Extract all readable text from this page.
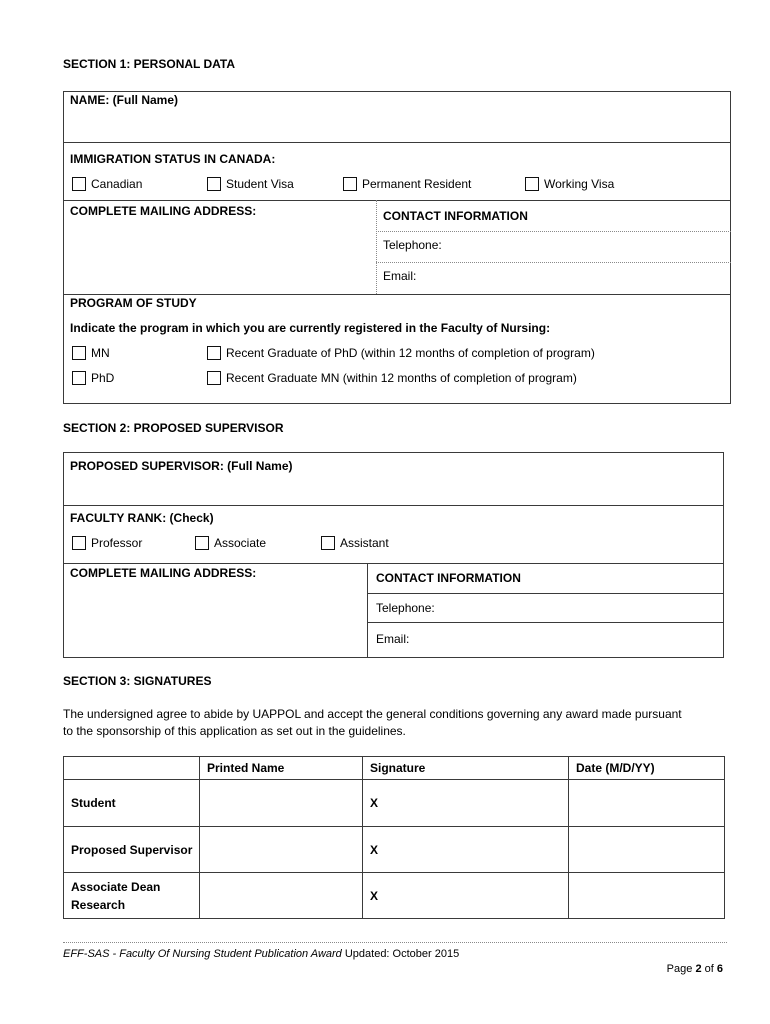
SECTION 1: PERSONAL DATA
NAME: (Full Name)
IMMIGRATION STATUS IN CANADA:
Canadian	Student Visa	Permanent Resident	Working Visa
COMPLETE MAILING ADDRESS:	CONTACT INFORMATION
Telephone:
Email:
PROGRAM OF STUDY
Indicate the program in which you are currently registered in the Faculty of Nursing:
MN	Recent Graduate of PhD (within 12 months of completion of program)
PhD	Recent Graduate MN (within 12 months of completion of program)
SECTION 2: PROPOSED SUPERVISOR
PROPOSED SUPERVISOR: (Full Name)
FACULTY RANK: (Check)
Professor	Associate	Assistant
COMPLETE MAILING ADDRESS:	CONTACT INFORMATION
Telephone:
Email:
SECTION 3: SIGNATURES
The undersigned agree to abide by UAPPOL and accept the general conditions governing any award made pursuant
to the sponsorship of this application as set out in the guidelines.
	Printed Name	Signature	Date (M/D/YY)
Student		X	
Proposed Supervisor		X	
Associate Dean Research		X	
EFF-SAS - Faculty Of Nursing Student Publication Award Updated: October 2015
Page 2 of 6
